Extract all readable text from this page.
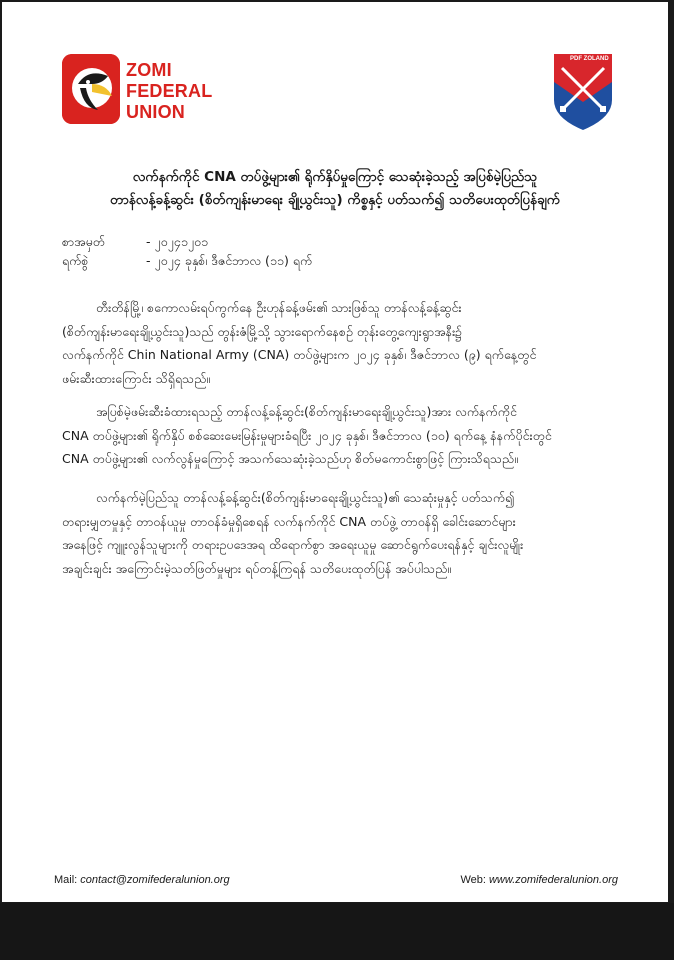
ZOMI
FEDERAL
UNION
PDF ZOLAND
လက်နက်ကိုင် CNA တပ်ဖွဲ့များ၏ ရိုက်နှိပ်မှုကြောင့် သေဆုံးခဲ့သည့် အပြစ်မဲ့ပြည်သူ
တာန်လန့်ခန့်ဆွင်း (စိတ်ကျန်းမာရေး ချို့ယွင်းသူ) ကိစ္စနှင့် ပတ်သက်၍ သတိပေးထုတ်ပြန်ချက်
စာအမှတ်	- ၂၀၂၄၁၂၀၁
ရက်စွဲ	- ၂၀၂၄ ခုနှစ်၊ ဒီဇင်ဘာလ (၁၁) ရက်
တီးတိန်မြို့၊ စကောလမ်းရပ်ကွက်နေ ဦးဟုန်ခန့်ဖမ်း၏ သားဖြစ်သူ တာန်လန့်ခန့်ဆွင်း
(စိတ်ကျန်းမာရေးချို့ယွင်းသူ)သည် တွန်းဇံမြို့သို့ သွားရောက်နေစဉ် တုန်းတွေ့ကျေးရွာအနီး၌
လက်နက်ကိုင် Chin National Army (CNA) တပ်ဖွဲ့များက ၂၀၂၄ ခုနှစ်၊ ဒီဇင်ဘာလ (၉) ရက်နေ့တွင်
ဖမ်းဆီးထားကြောင်း သိရှိရသည်။
အပြစ်မဲ့ဖမ်းဆီးခံထားရသည့် တာန်လန့်ခန့်ဆွင်း(စိတ်ကျန်းမာရေးချို့ယွင်းသူ)အား လက်နက်ကိုင်
CNA တပ်ဖွဲ့များ၏ ရိုက်နှိပ် စစ်ဆေးမေးမြန်းမှုများခံရပြီး ၂၀၂၄ ခုနှစ်၊ ဒီဇင်ဘာလ (၁၀) ရက်နေ့ နံနက်ပိုင်းတွင်
CNA တပ်ဖွဲ့များ၏ လက်လွန်မှုကြောင့် အသက်သေဆုံးခဲ့သည်ဟု စိတ်မကောင်းစွာဖြင့် ကြားသိရသည်။
လက်နက်မဲ့ပြည်သူ တာန်လန့်ခန့်ဆွင်း(စိတ်ကျန်းမာရေးချို့ယွင်းသူ)၏ သေဆုံးမှုနှင့် ပတ်သက်၍
တရားမျှတမှုနှင့် တာဝန်ယူမှု တာဝန်ခံမှုရှိစေရန် လက်နက်ကိုင် CNA တပ်ဖွဲ့ တာဝန်ရှိ ခေါင်းဆောင်များ
အနေဖြင့် ကျူးလွန်သူများကို တရားဥပဒေအရ ထိရောက်စွာ အရေးယူမှု ဆောင်ရွက်ပေးရန်နှင့် ချင်းလူမျိုး
အချင်းချင်း အကြောင်းမဲ့သတ်ဖြတ်မှုများ ရပ်တန့်ကြရန် သတိပေးထုတ်ပြန် အပ်ပါသည်။
Mail: contact@zomifederalunion.org	Web: www.zomifederalunion.org
